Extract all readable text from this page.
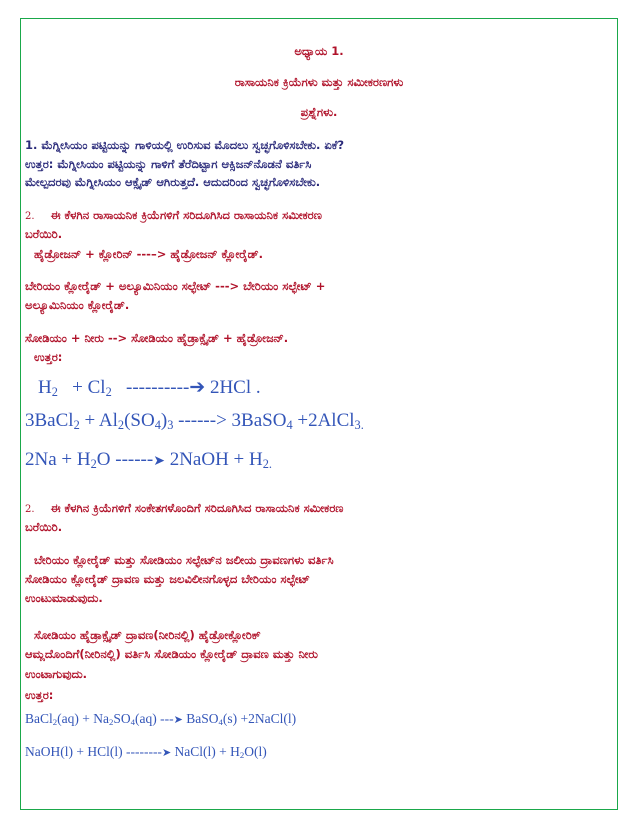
ಅಧ್ಯಾಯ 1.
ರಾಸಾಯನಿಕ ಕ್ರಿಯೆಗಳು ಮತ್ತು ಸಮೀಕರಣಗಳು
ಪ್ರಶ್ನೆಗಳು.
1. ಮೆಗ್ನೀಸಿಯಂ ಪಟ್ಟಿಯನ್ನು ಗಾಳಿಯಲ್ಲಿ ಉರಿಸುವ ಮೊದಲು ಸ್ವಚ್ಛಗೊಳಿಸಬೇಕು. ಏಕೆ?
ಉತ್ತರ: ಮೆಗ್ನೀಸಿಯಂ ಪಟ್ಟಿಯನ್ನು ಗಾಳಿಗೆ ತೆರೆದಿಟ್ಟಾಗ ಆಕ್ಸಿಜನ್‌ನೊಡನೆ ವರ್ತಿಸಿ
ಮೇಲ್ಪದರವು ಮೆಗ್ನೀಸಿಯಂ ಆಕ್ಸೈಡ್ ಆಗಿರುತ್ತದೆ. ಆದುದರಿಂದ ಸ್ವಚ್ಛಗೊಳಿಸಬೇಕು.
2. ಈ ಕೆಳಗಿನ ರಾಸಾಯನಿಕ ಕ್ರಿಯೆಗಳಿಗೆ ಸರಿದೂಗಿಸಿದ ರಾಸಾಯನಿಕ ಸಮೀಕರಣ
ಬರೆಯಿರಿ.
ಹೈಡ್ರೋಜನ್ + ಕ್ಲೋರಿನ್ ---–> ಹೈಡ್ರೋಜನ್ ಕ್ಲೋರೈಡ್.
ಬೇರಿಯಂ ಕ್ಲೋರೈಡ್ + ಅಲ್ಯೂಮಿನಿಯಂ ಸಲ್ಫೇಟ್ ---> ಬೇರಿಯಂ ಸಲ್ಫೇಟ್ +
ಅಲ್ಯೂಮಿನಿಯಂ ಕ್ಲೋರೈಡ್.
ಸೋಡಿಯಂ + ನೀರು --> ಸೋಡಿಯಂ ಹೈಡ್ರಾಕ್ಸೈಡ್ + ಹೈಡ್ರೋಜನ್.
ಉತ್ತರ:
$H_2 + Cl_2$ ----------➔ 2HCl .
3BaCl$_2$ + $Al_2(SO_4)_3$ ------> 3BaSO$_4$ +2AlCl$_{3.}$
$2Na + H_2O$ ------➤ 2NaOH + $H_{2.}$
2. ಈ ಕೆಳಗಿನ ಕ್ರಿಯೆಗಳಿಗೆ ಸಂಕೇತಗಳೊಂದಿಗೆ ಸರಿದೂಗಿಸಿದ ರಾಸಾಯನಿಕ ಸಮೀಕರಣ
ಬರೆಯಿರಿ.
ಬೇರಿಯಂ ಕ್ಲೋರೈಡ್ ಮತ್ತು ಸೋಡಿಯಂ ಸಲ್ಫೇಟ್‌ನ ಜಲೀಯ ದ್ರಾವಣಗಳು ವರ್ತಿಸಿ
ಸೋಡಿಯಂ ಕ್ಲೋರೈಡ್ ದ್ರಾವಣ ಮತ್ತು ಜಲವಿಲೀನಗೊಳ್ಳದ ಬೇರಿಯಂ ಸಲ್ಫೇಟ್
ಉಂಟುಮಾಡುವುದು.
ಸೋಡಿಯಂ ಹೈಡ್ರಾಕ್ಸೈಡ್ ದ್ರಾವಣ(ನೀರಿನಲ್ಲಿ) ಹೈಡ್ರೋಕ್ಲೋರಿಕ್
ಆಮ್ಲದೊಂದಿಗೆ(ನೀರಿನಲ್ಲಿ) ವರ್ತಿಸಿ ಸೋಡಿಯಂ ಕ್ಲೋರೈಡ್ ದ್ರಾವಣ ಮತ್ತು ನೀರು
ಉಂಟಾಗುವುದು.
ಉತ್ತರ:
BaCl$_2$(aq) + $Na_2SO_4(aq)$ ---➤ BaSO$_4$(s) +2NaCl(l)
NaOH(l) + HCl(l) --------➤ NaCl(l) + $H_2O(l)$
